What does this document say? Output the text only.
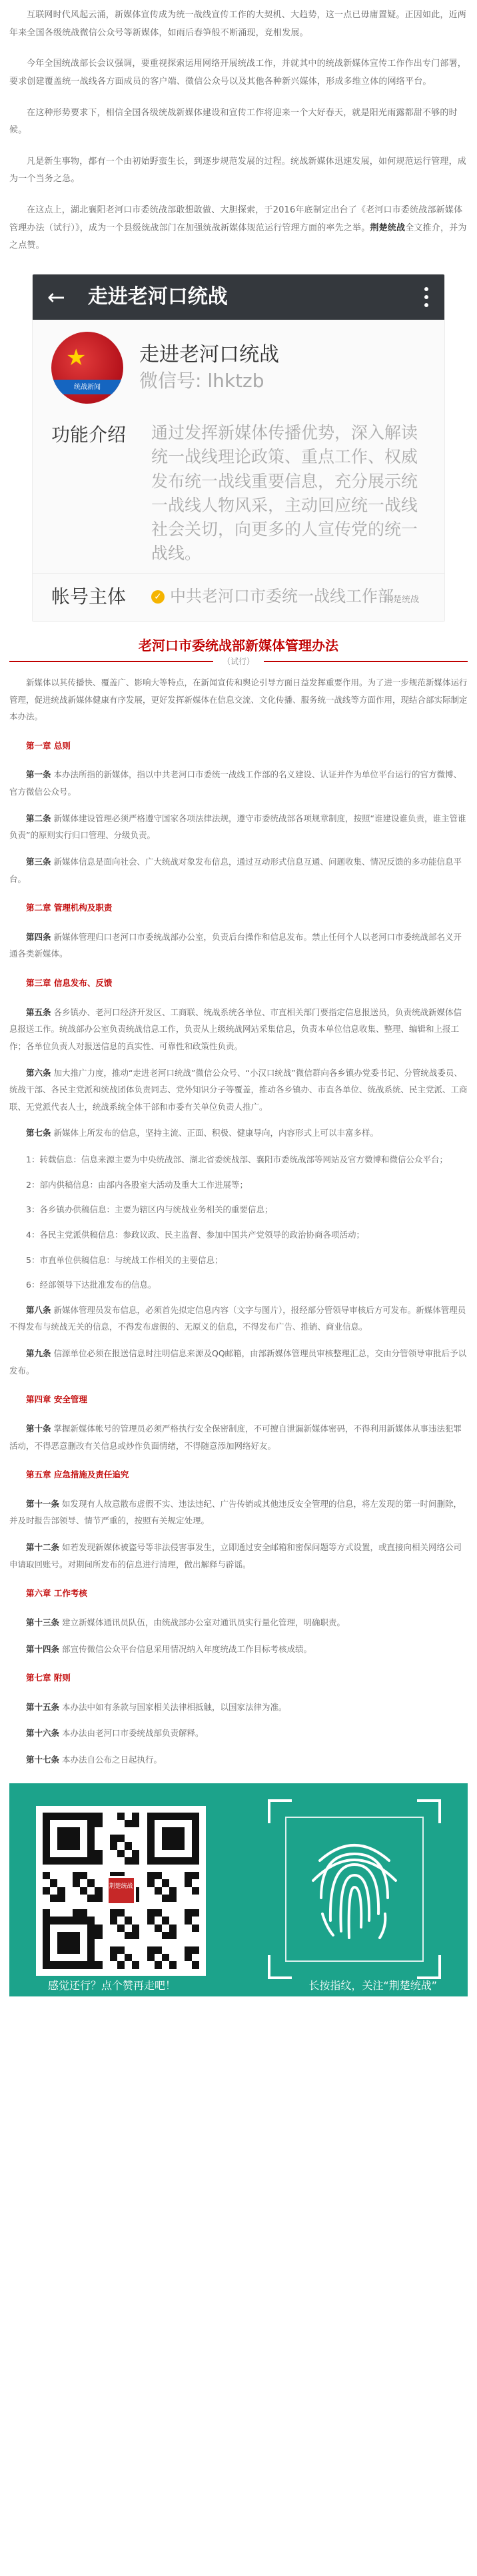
互联网时代风起云涌，新媒体宣传成为统一战线宣传工作的大契机、大趋势，这一点已毋庸置疑。正因如此，近两年来全国各级统战微信公众号等新媒体，如雨后春笋般不断涌现，竞相发展。

今年全国统战部长会议强调，要重视探索运用网络开展统战工作，并就其中的统战新媒体宣传工作作出专门部署，要求创建覆盖统一战线各方面成员的客户端、微信公众号以及其他各种新兴媒体，形成多维立体的网络平台。

在这种形势要求下，相信全国各级统战新媒体建设和宣传工作将迎来一个大好春天，就是阳光雨露都甜不够的时候。

凡是新生事物，都有一个由初始野蛮生长，到逐步规范发展的过程。统战新媒体迅速发展，如何规范运行管理，成为一个当务之急。

在这点上，湖北襄阳老河口市委统战部敢想敢做、大胆探索，于2016年底制定出台了《老河口市委统战部新媒体管理办法（试行）》，成为一个县级统战部门在加强统战新媒体规范运行管理方面的率先之举。荆楚统战全文推介，并为之点赞。

← 走进老河口统战
★
统战新闻
走进老河口统战
微信号: lhktzb
功能介绍	通过发挥新媒体传播优势，深入解读统一战线理论政策、重点工作、权威发布统一战线重要信息，充分展示统一战线人物风采，主动回应统一战线社会关切，向更多的人宣传党的统一战线。
帐号主体	✓ 中共老河口市委统一战线工作部
荆楚统战
老河口市委统战部新媒体管理办法
（试行）

新媒体以其传播快、覆盖广、影响大等特点，在新闻宣传和舆论引导方面日益发挥重要作用。为了进一步规范新媒体运行管理，促进统战新媒体健康有序发展，更好发挥新媒体在信息交流、文化传播、服务统一战线等方面作用，现结合部实际制定本办法。

第一章 总则

第一条 本办法所指的新媒体，指以中共老河口市委统一战线工作部的名义建设、认证并作为单位平台运行的官方微博、官方微信公众号。

第二条 新媒体建设管理必须严格遵守国家各项法律法规，遵守市委统战部各项规章制度，按照“谁建设谁负责，谁主管谁负责”的原则实行归口管理、分级负责。

第三条 新媒体信息是面向社会、广大统战对象发布信息，通过互动形式信息互通、问题收集、情况反馈的多功能信息平台。

第二章 管理机构及职责

第四条 新媒体管理归口老河口市委统战部办公室，负责后台操作和信息发布。禁止任何个人以老河口市委统战部名义开通各类新媒体。

第三章 信息发布、反馈

第五条 各乡镇办、老河口经济开发区、工商联、统战系统各单位、市直相关部门要指定信息报送员，负责统战新媒体信息报送工作。统战部办公室负责统战信息工作，负责从上级统战网站采集信息，负责本单位信息收集、整理、编辑和上报工作；各单位负责人对报送信息的真实性、可靠性和政策性负责。

第六条 加大推广力度，推动“走进老河口统战”微信公众号、“小汉口统战”微信群向各乡镇办党委书记、分管统战委员、统战干部、各民主党派和统战团体负责同志、党外知识分子等覆盖，推动各乡镇办、市直各单位、统战系统、民主党派、工商联、无党派代表人士，统战系统全体干部和市委有关单位负责人推广。

第七条 新媒体上所发布的信息，坚持主流、正面、积极、健康导向，内容形式上可以丰富多样。

1：转载信息：信息来源主要为中央统战部、湖北省委统战部、襄阳市委统战部等网站及官方微博和微信公众平台；

2：部内供稿信息：由部内各股室大活动及重大工作进展等；

3：各乡镇办供稿信息：主要为辖区内与统战业务相关的重要信息；

4：各民主党派供稿信息：参政议政、民主监督、参加中国共产党领导的政治协商各项活动；

5：市直单位供稿信息：与统战工作相关的主要信息；

6：经部领导下达批准发布的信息。

第八条 新媒体管理员发布信息，必须首先拟定信息内容（文字与图片），报经部分管领导审核后方可发布。新媒体管理员不得发布与统战无关的信息，不得发布虚假的、无原义的信息，不得发布广告、推销、商业信息。

第九条 信源单位必须在报送信息时注明信息来源及QQ邮箱，由部新媒体管理员审核整理汇总，交由分管领导审批后予以发布。

第四章 安全管理

第十条 掌握新媒体帐号的管理员必须严格执行安全保密制度，不可擅自泄漏新媒体密码，不得利用新媒体从事违法犯罪活动，不得恶意删改有关信息或炒作负面情绪，不得随意添加网络好友。

第五章 应急措施及责任追究

第十一条 如发现有人故意散布虚假不实、违法违纪、广告传销或其他违反安全管理的信息，将左发现的第一时间删除，并及时报告部领导、情节严重的，按照有关规定处理。

第十二条 如若发现新媒体被盗号等非法侵害事发生，立即通过安全邮箱和密保问题等方式设置，或直接向相关网络公司申请取回账号。对期间所发布的信息进行清理，做出解释与辟谣。

第六章 工作考核

第十三条 建立新媒体通讯员队伍，由统战部办公室对通讯员实行量化管理，明确职责。

第十四条 部宣传微信公众平台信息采用情况纳入年度统战工作目标考核成绩。

第七章 附则

第十五条 本办法中如有条款与国家相关法律相抵触，以国家法律为准。

第十六条 本办法由老河口市委统战部负责解释。

第十七条 本办法自公布之日起执行。

荆楚统战
感觉还行？点个赞再走吧！	长按指纹，关注“荆楚统战”
